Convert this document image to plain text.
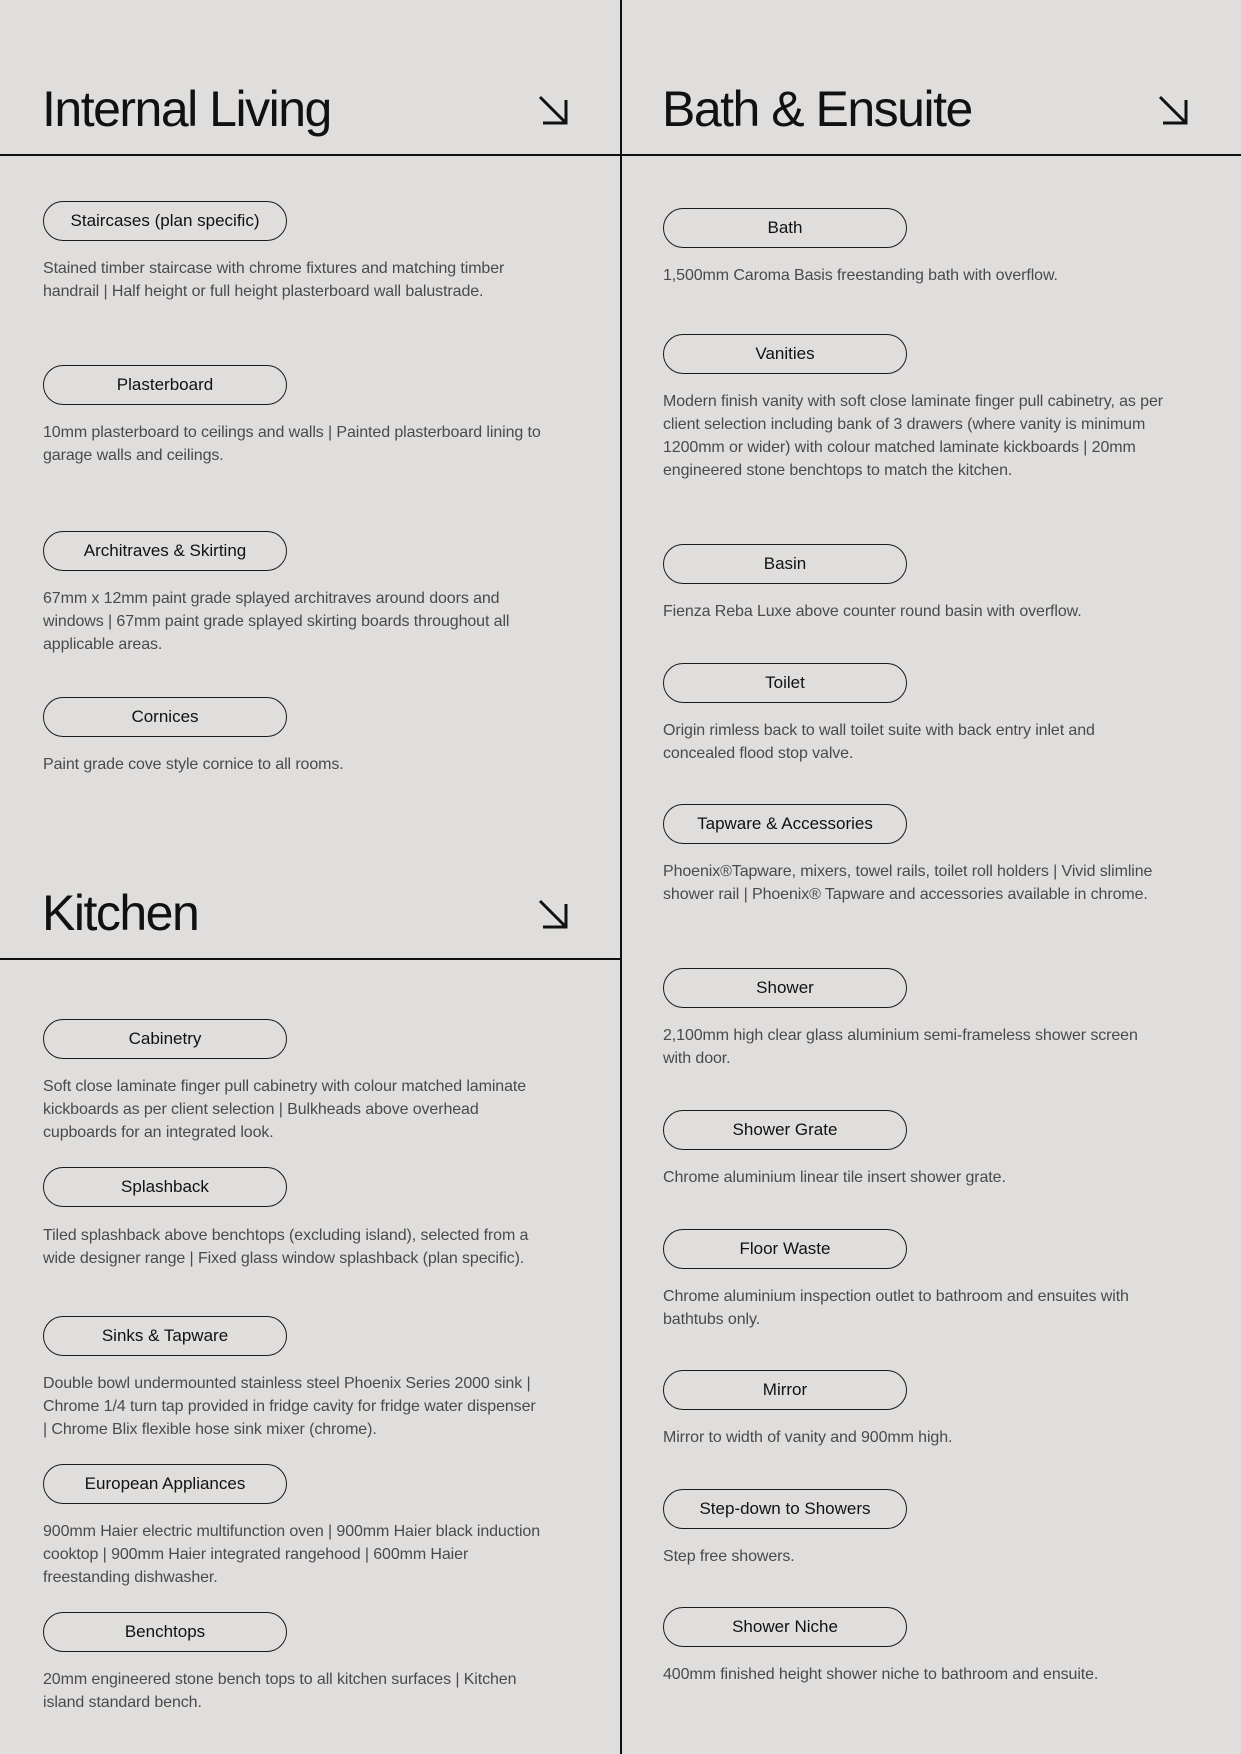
Internal Living
Staircases (plan specific)

Stained timber staircase with chrome fixtures and matching timber handrail | Half height or full height plasterboard wall balustrade.

Plasterboard

10mm plasterboard to ceilings and walls | Painted plasterboard lining to garage walls and ceilings.

Architraves & Skirting

67mm x 12mm paint grade splayed architraves around doors and windows | 67mm paint grade splayed skirting boards throughout all applicable areas.

Cornices

Paint grade cove style cornice to all rooms.

Kitchen
Cabinetry

Soft close laminate finger pull cabinetry with colour matched laminate kickboards as per client selection | Bulkheads above overhead cupboards for an integrated look.

Splashback

Tiled splashback above benchtops (excluding island), selected from a wide designer range | Fixed glass window splashback (plan specific).

Sinks & Tapware

Double bowl undermounted stainless steel Phoenix Series 2000 sink | Chrome 1/4 turn tap provided in fridge cavity for fridge water dispenser | Chrome Blix flexible hose sink mixer (chrome).

European Appliances

900mm Haier electric multifunction oven | 900mm Haier black induction cooktop | 900mm Haier integrated rangehood | 600mm Haier freestanding dishwasher.

Benchtops

20mm engineered stone bench tops to all kitchen surfaces | Kitchen island standard bench.

Bath & Ensuite
Bath

1,500mm Caroma Basis freestanding bath with overflow.

Vanities

Modern finish vanity with soft close laminate finger pull cabinetry, as per client selection including bank of 3 drawers (where vanity is minimum 1200mm or wider) with colour matched laminate kickboards | 20mm engineered stone benchtops to match the kitchen.

Basin

Fienza Reba Luxe above counter round basin with overflow.

Toilet

Origin rimless back to wall toilet suite with back entry inlet and concealed flood stop valve.

Tapware & Accessories

Phoenix®Tapware, mixers, towel rails, toilet roll holders | Vivid slimline shower rail | Phoenix® Tapware and accessories available in chrome.

Shower

2,100mm high clear glass aluminium semi-frameless shower screen with door.

Shower Grate

Chrome aluminium linear tile insert shower grate.

Floor Waste

Chrome aluminium inspection outlet to bathroom and ensuites with bathtubs only.

Mirror

Mirror to width of vanity and 900mm high.

Step-down to Showers

Step free showers.

Shower Niche

400mm finished height shower niche to bathroom and ensuite.
